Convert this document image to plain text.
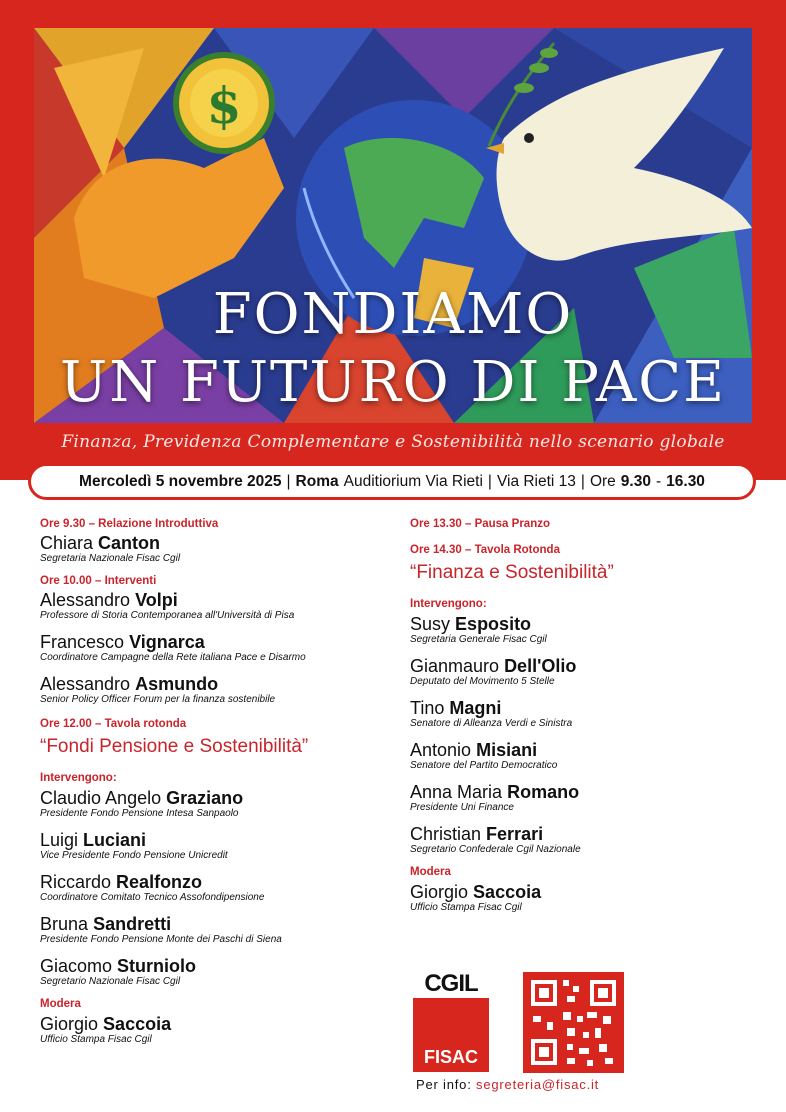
$
FONDIAMO
UN FUTURO DI PACE
Finanza, Previdenza Complementare e Sostenibilità nello scenario globale
Mercoledì 5 novembre 2025 | Roma Auditiorium Via Rieti | Via Rieti 13 | Ore 9.30 - 16.30
Ore 9.30 – Relazione Introduttiva
Chiara Canton
Segretaria Nazionale Fisac Cgil
Ore 10.00 – Interventi
Alessandro Volpi
Professore di Storia Contemporanea all'Università di Pisa
Francesco Vignarca
Coordinatore Campagne della Rete italiana Pace e Disarmo
Alessandro Asmundo
Senior Policy Officer Forum per la finanza sostenibile
Ore 12.00 – Tavola rotonda
“Fondi Pensione e Sostenibilità”
Intervengono:
Claudio Angelo Graziano
Presidente Fondo Pensione Intesa Sanpaolo
Luigi Luciani
Vice Presidente Fondo Pensione Unicredit
Riccardo Realfonzo
Coordinatore Comitato Tecnico Assofondipensione
Bruna Sandretti
Presidente Fondo Pensione Monte dei Paschi di Siena
Giacomo Sturniolo
Segretario Nazionale Fisac Cgil
Modera
Giorgio Saccoia
Ufficio Stampa Fisac Cgil
Ore 13.30 – Pausa Pranzo
Ore 14.30 – Tavola Rotonda
“Finanza e Sostenibilità”
Intervengono:
Susy Esposito
Segretaria Generale Fisac Cgil
Gianmauro Dell'Olio
Deputato del Movimento 5 Stelle
Tino Magni
Senatore di Alleanza Verdi e Sinistra
Antonio Misiani
Senatore del Partito Democratico
Anna Maria Romano
Presidente Uni Finance
Christian Ferrari
Segretario Confederale Cgil Nazionale
Modera
Giorgio Saccoia
Ufficio Stampa Fisac Cgil
CGIL
FISAC
Per info: segreteria@fisac.it
